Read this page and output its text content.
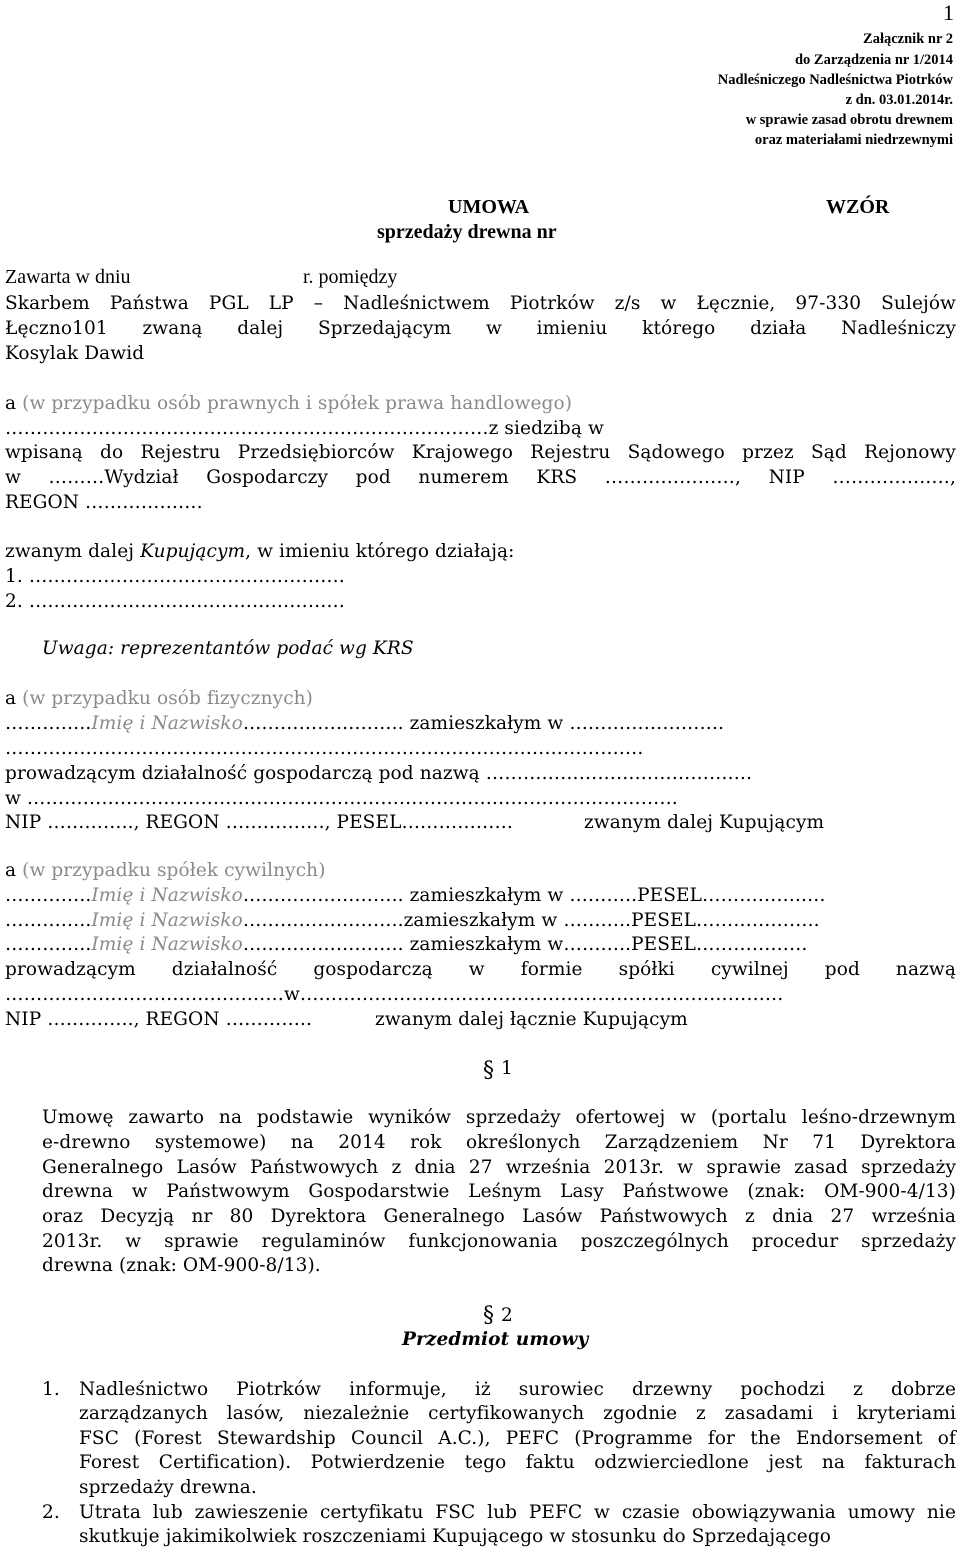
1
Załącznik nr 2
do Zarządzenia nr 1/2014
Nadleśniczego Nadleśnictwa Piotrków
z dn. 03.01.2014r.
w sprawie zasad obrotu drewnem
oraz materiałami niedrzewnymi
UMOWA
sprzedaży drewna nr
WZÓR
Zawarta w dniu	r. pomiędzy
Skarbem Państwa PGL LP – Nadleśnictwem Piotrków z/s w Łęcznie, 97-330 Sulejów
Łęczno101 zwaną dalej Sprzedającym w imieniu którego działa Nadleśniczy
Kosylak Dawid
a (w przypadku osób prawnych i spółek prawa handlowego)
……………………………………………………………………z siedzibą w
wpisaną do Rejestru Przedsiębiorców Krajowego Rejestru Sądowego przez Sąd Rejonowy
w ………Wydział Gospodarczy pod numerem KRS …………………, NIP …………….…,
REGON ……………….
zwanym dalej Kupującym, w imieniu którego działają:
1. ……………………………………………
2. ……………………………………………
Uwaga: reprezentantów podać wg KRS
a (w przypadku osób fizycznych)
…………..Imię i Nazwisko…………………….. zamieszkałym w …………………….
………………………………………………………………………………………….
prowadzącym działalność gospodarczą pod nazwą …………………………………….
w ……………………………………………………………………………………………
NIP ………….., REGON ……………., PESEL………………	zwanym dalej Kupującym
a (w przypadku spółek cywilnych)
…………..Imię i Nazwisko…………………….. zamieszkałym w ………..PESEL……………..…
…………..Imię i Nazwisko……………………..zamieszkałym w ………..PESEL………………..
…………..Imię i Nazwisko…………………….. zamieszkałym w………..PESEL………………
prowadzącym działalność gospodarczą w formie spółki cywilnej pod nazwą
………………………………………w……………………………………………………………………
NIP ………….., REGON …………..	zwanym dalej łącznie Kupującym
§ 1
Umowę zawarto na podstawie wyników sprzedaży ofertowej w (portalu leśno-drzewnym
e-drewno systemowe) na 2014 rok określonych Zarządzeniem Nr 71 Dyrektora
Generalnego Lasów Państwowych z dnia 27 września 2013r. w sprawie zasad sprzedaży
drewna w Państwowym Gospodarstwie Leśnym Lasy Państwowe (znak: OM-900-4/13)
oraz Decyzją nr 80 Dyrektora Generalnego Lasów Państwowych z dnia 27 września
2013r. w sprawie regulaminów funkcjonowania poszczególnych procedur sprzedaży
drewna (znak: OM-900-8/13).
§ 2
Przedmiot umowy
1. Nadleśnictwo Piotrków informuje, iż surowiec drzewny pochodzi z dobrze
zarządzanych lasów, niezależnie certyfikowanych zgodnie z zasadami i kryteriami
FSC (Forest Stewardship Council A.C.), PEFC (Programme for the Endorsement of
Forest Certification). Potwierdzenie tego faktu odzwierciedlone jest na fakturach
sprzedaży drewna.
2. Utrata lub zawieszenie certyfikatu FSC lub PEFC w czasie obowiązywania umowy nie
skutkuje jakimikolwiek roszczeniami Kupującego w stosunku do Sprzedającego
